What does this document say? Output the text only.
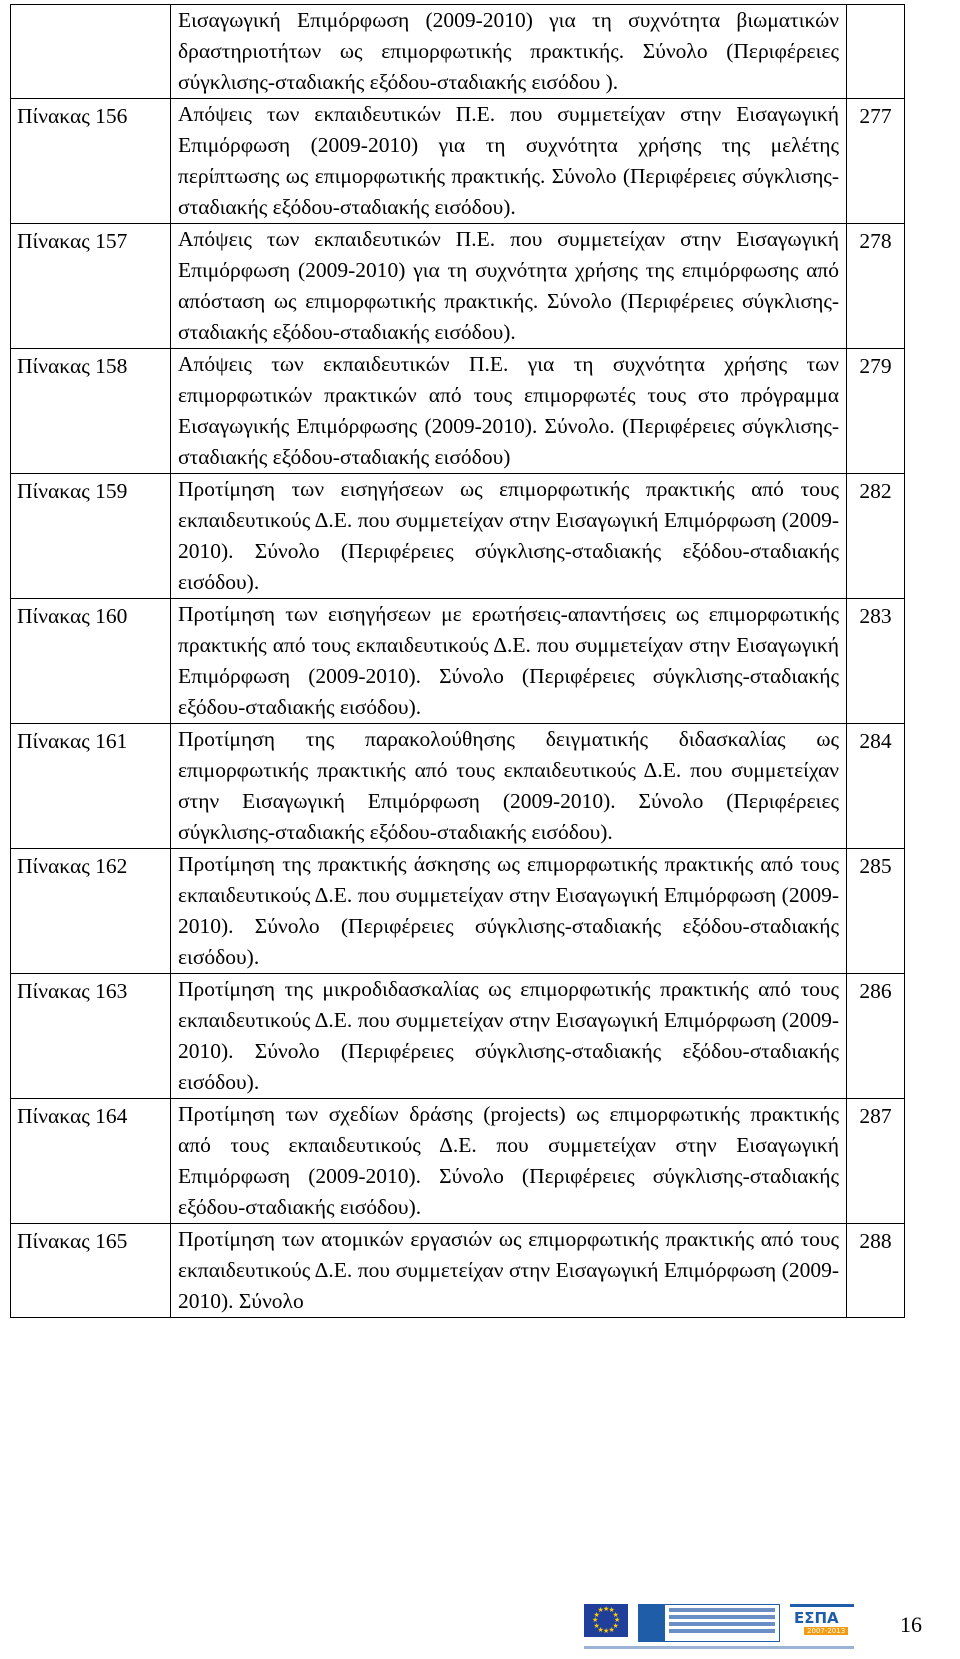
	Εισαγωγική Επιμόρφωση (2009-2010) για τη συχνότητα βιωματικών δραστηριοτήτων ως επιμορφωτικής πρακτικής. Σύνολο (Περιφέρειες σύγκλισης-σταδιακής εξόδου-σταδιακής εισόδου ).	

Πίνακας 156	Απόψεις των εκπαιδευτικών Π.Ε. που συμμετείχαν στην Εισαγωγική Επιμόρφωση (2009-2010) για τη συχνότητα χρήσης της μελέτης περίπτωσης ως επιμορφωτικής πρακτικής. Σύνολο (Περιφέρειες σύγκλισης-σταδιακής εξόδου-σταδιακής εισόδου).	277

Πίνακας 157	Απόψεις των εκπαιδευτικών Π.Ε. που συμμετείχαν στην Εισαγωγική Επιμόρφωση (2009-2010) για τη συχνότητα χρήσης της επιμόρφωσης από απόσταση ως επιμορφωτικής πρακτικής. Σύνολο (Περιφέρειες σύγκλισης-σταδιακής εξόδου-σταδιακής εισόδου).	278

Πίνακας 158	Απόψεις των εκπαιδευτικών Π.Ε. για τη συχνότητα χρήσης των επιμορφωτικών πρακτικών από τους επιμορφωτές τους στο πρόγραμμα Εισαγωγικής Επιμόρφωσης (2009-2010). Σύνολο. (Περιφέρειες σύγκλισης-σταδιακής εξόδου-σταδιακής εισόδου)	279

Πίνακας 159	Προτίμηση των εισηγήσεων ως επιμορφωτικής πρακτικής από τους εκπαιδευτικούς Δ.Ε. που συμμετείχαν στην Εισαγωγική Επιμόρφωση (2009-2010). Σύνολο (Περιφέρειες σύγκλισης-σταδιακής εξόδου-σταδιακής εισόδου).	282

Πίνακας 160	Προτίμηση των εισηγήσεων με ερωτήσεις-απαντήσεις ως επιμορφωτικής πρακτικής από τους εκπαιδευτικούς Δ.Ε. που συμμετείχαν στην Εισαγωγική Επιμόρφωση (2009-2010). Σύνολο (Περιφέρειες σύγκλισης-σταδιακής εξόδου-σταδιακής εισόδου).	283

Πίνακας 161	Προτίμηση της παρακολούθησης δειγματικής διδασκαλίας ως επιμορφωτικής πρακτικής από τους εκπαιδευτικούς Δ.Ε. που συμμετείχαν στην Εισαγωγική Επιμόρφωση (2009-2010). Σύνολο (Περιφέρειες σύγκλισης-σταδιακής εξόδου-σταδιακής εισόδου).	284

Πίνακας 162	Προτίμηση της πρακτικής άσκησης ως επιμορφωτικής πρακτικής από τους εκπαιδευτικούς Δ.Ε. που συμμετείχαν στην Εισαγωγική Επιμόρφωση (2009-2010). Σύνολο (Περιφέρειες σύγκλισης-σταδιακής εξόδου-σταδιακής εισόδου).	285

Πίνακας 163	Προτίμηση της μικροδιδασκαλίας ως επιμορφωτικής πρακτικής από τους εκπαιδευτικούς Δ.Ε. που συμμετείχαν στην Εισαγωγική Επιμόρφωση (2009-2010). Σύνολο (Περιφέρειες σύγκλισης-σταδιακής εξόδου-σταδιακής εισόδου).	286

Πίνακας 164	Προτίμηση των σχεδίων δράσης (projects) ως επιμορφωτικής πρακτικής από τους εκπαιδευτικούς Δ.Ε. που συμμετείχαν στην Εισαγωγική Επιμόρφωση (2009-2010). Σύνολο (Περιφέρειες σύγκλισης-σταδιακής εξόδου-σταδιακής εισόδου).	287

Πίνακας 165	Προτίμηση των ατομικών εργασιών ως επιμορφωτικής πρακτικής από τους εκπαιδευτικούς Δ.Ε. που συμμετείχαν στην Εισαγωγική Επιμόρφωση (2009-2010). Σύνολο	288
★
★
★
★
★
★
★
★
★ ★ ★
★	ΕΣΠΑ
2007-2013 16
